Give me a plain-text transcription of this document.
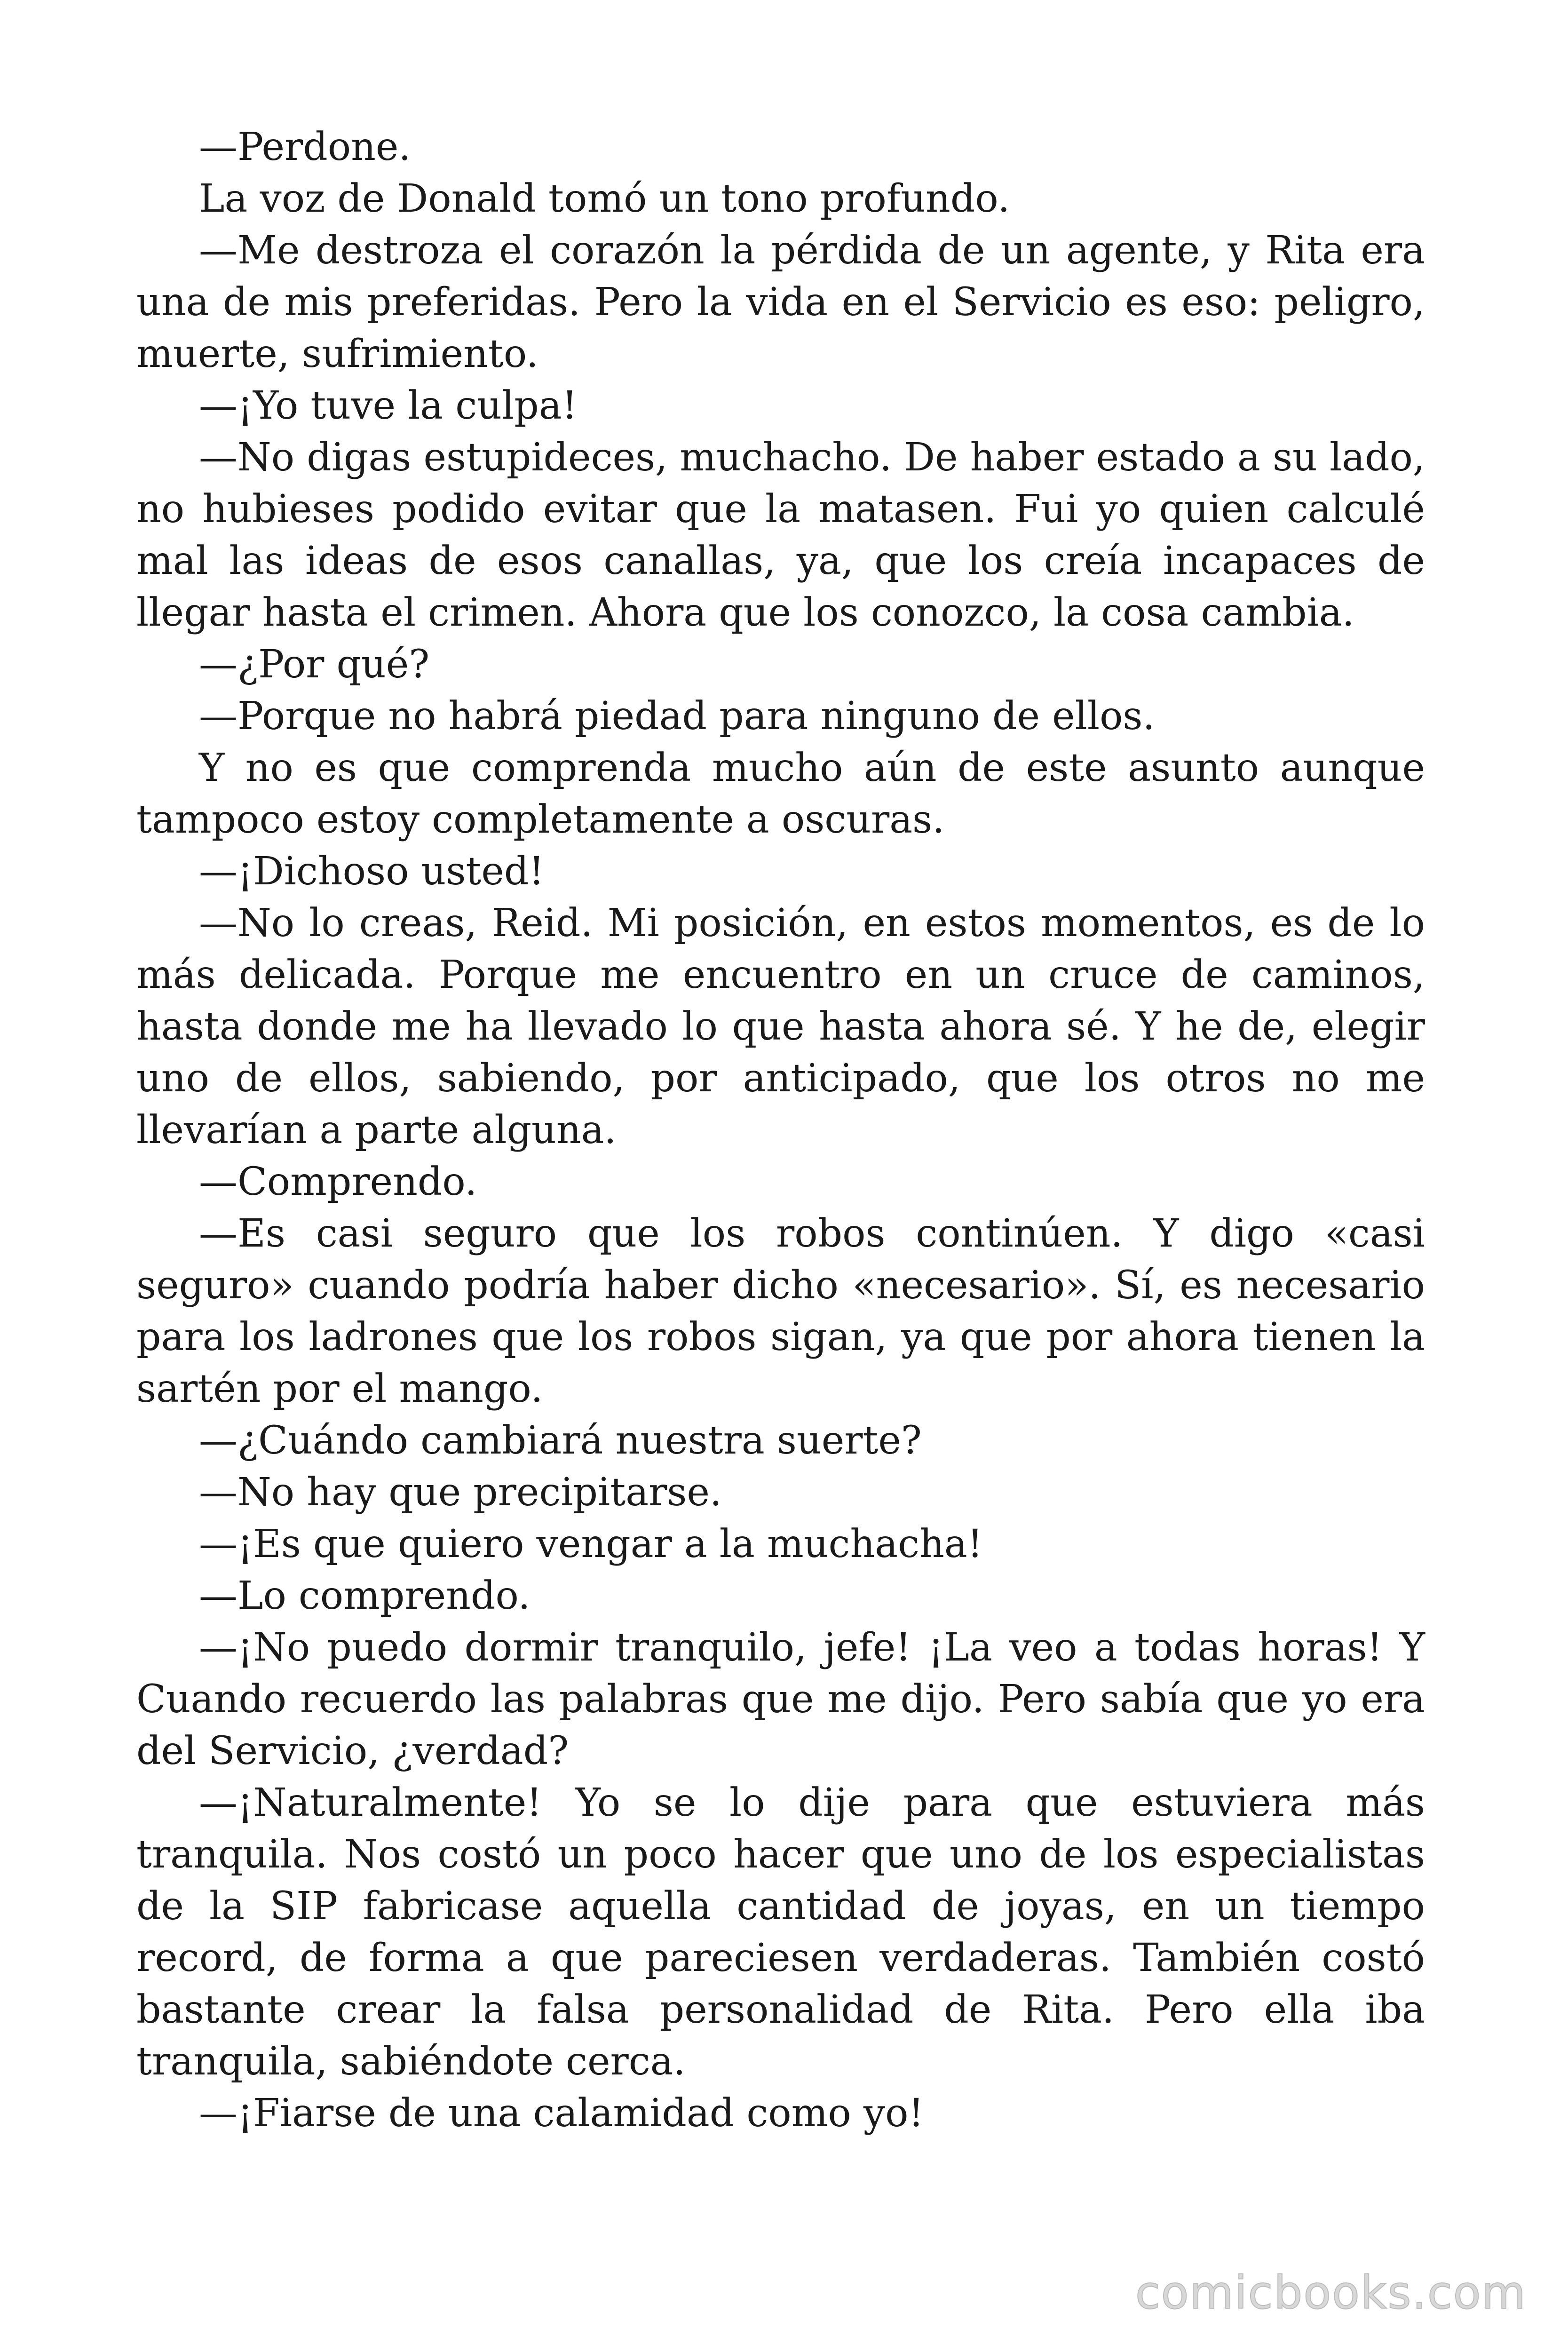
—Perdone.

La voz de Donald tomó un tono profundo.

—Me destroza el corazón la pérdida de un agente, y Rita era una de mis preferidas. Pero la vida en el Servicio es eso: peligro, muerte, sufrimiento.

—¡Yo tuve la culpa!

—No digas estupideces, muchacho. De haber estado a su lado, no hubieses podido evitar que la matasen. Fui yo quien calculé mal las ideas de esos canallas, ya, que los creía incapaces de llegar hasta el crimen. Ahora que los conozco, la cosa cambia.

—¿Por qué?

—Porque no habrá piedad para ninguno de ellos.

Y no es que comprenda mucho aún de este asunto aunque tampoco estoy completamente a oscuras.

—¡Dichoso usted!

—No lo creas, Reid. Mi posición, en estos momentos, es de lo más delicada. Porque me encuentro en un cruce de caminos, hasta donde me ha llevado lo que hasta ahora sé. Y he de, elegir uno de ellos, sabiendo, por anticipado, que los otros no me llevarían a parte alguna.

—Comprendo.

—Es casi seguro que los robos continúen. Y digo «casi seguro» cuando podría haber dicho «necesario». Sí, es necesario para los ladrones que los robos sigan, ya que por ahora tienen la sartén por el mango.

—¿Cuándo cambiará nuestra suerte?

—No hay que precipitarse.

—¡Es que quiero vengar a la muchacha!

—Lo comprendo.

—¡No puedo dormir tranquilo, jefe! ¡La veo a todas horas! Y Cuando recuerdo las palabras que me dijo. Pero sabía que yo era del Servicio, ¿verdad?

—¡Naturalmente! Yo se lo dije para que estuviera más tranquila. Nos costó un poco hacer que uno de los especialistas de la SIP fabricase aquella cantidad de joyas, en un tiempo record, de forma a que pareciesen verdaderas. También costó bastante crear la falsa personalidad de Rita. Pero ella iba tranquila, sabiéndote cerca.

—¡Fiarse de una calamidad como yo!

comicbooks.com
